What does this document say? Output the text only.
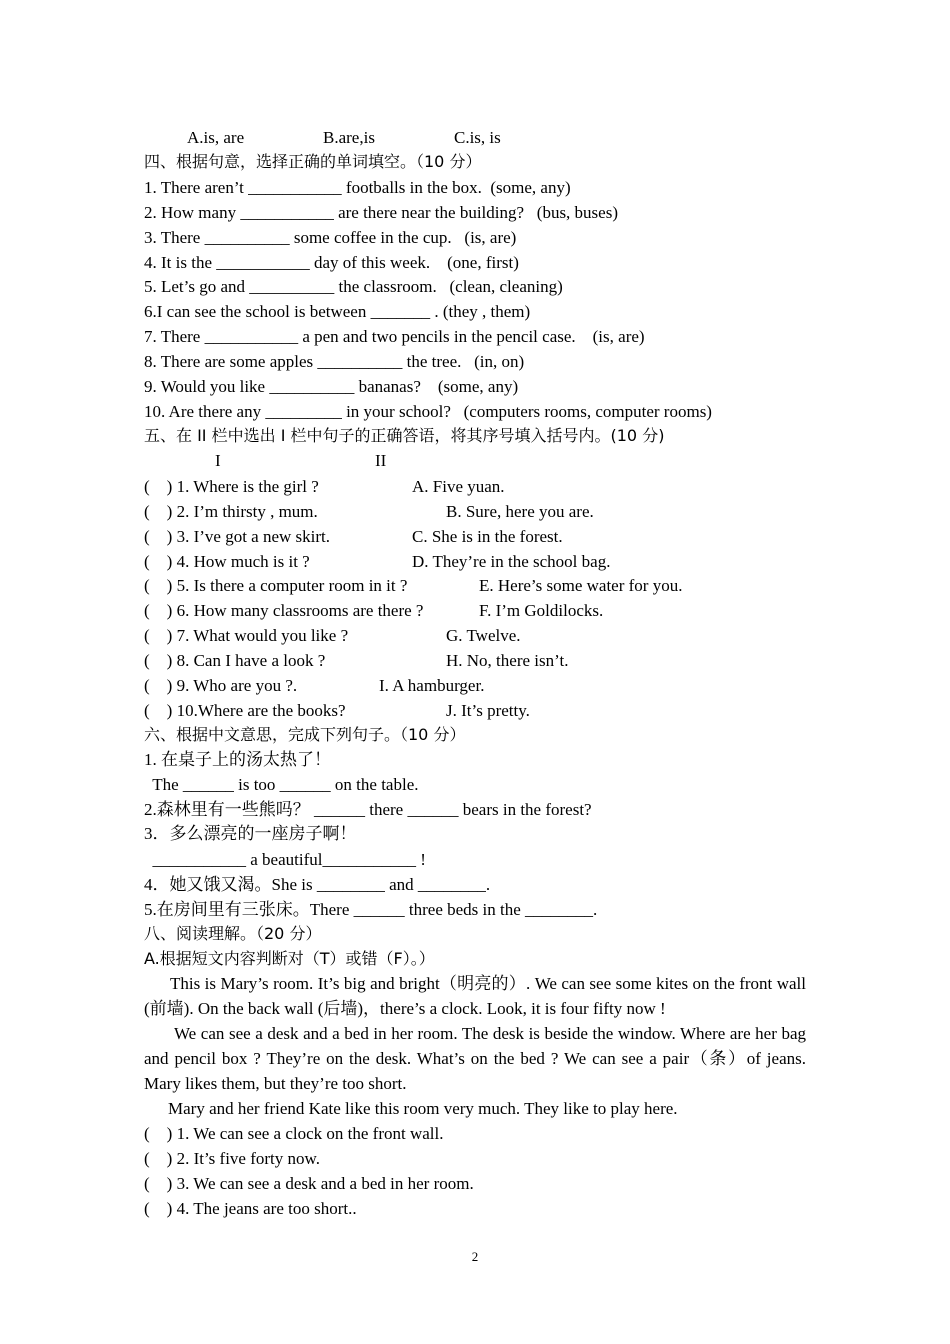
A.is, are	B.are,is	C.is, is
四、根据句意，选择正确的单词填空。（10 分）
1. There aren’t ___________ footballs in the box.  (some, any)
2. How many ___________ are there near the building?   (bus, buses)
3. There __________ some coffee in the cup.   (is, are)
4. It is the ___________ day of this week.    (one, first)
5. Let’s go and __________ the classroom.   (clean, cleaning)
6.I can see the school is between _______ . (they , them)
7. There ___________ a pen and two pencils in the pencil case.    (is, are)
8. There are some apples __________ the tree.   (in, on)
9. Would you like __________ bananas?    (some, any)
10. Are there any _________ in your school?   (computers rooms, computer rooms)
五、在 II 栏中选出 I 栏中句子的正确答语，将其序号填入括号内。(10 分)
I	II
(    ) 1. Where is the girl ?	A. Five yuan.
(    ) 2. I’m thirsty , mum.	B. Sure, here you are.
(    ) 3. I’ve got a new skirt.	C. She is in the forest.
(    ) 4. How much is it ?	D. They’re in the school bag.
(    ) 5. Is there a computer room in it ?	E. Here’s some water for you.
(    ) 6. How many classrooms are there ?	F. I’m Goldilocks.
(    ) 7. What would you like ?	G. Twelve.
(    ) 8. Can I have a look ?	H. No, there isn’t.
(    ) 9. Who are you ?.	I. A hamburger.
(    ) 10.Where are the books?	J. It’s pretty.
六、根据中文意思，完成下列句子。（10 分）
1. 在桌子上的汤太热了！
The ______ is too ______ on the table.
2.森林里有一些熊吗？ ______ there ______ bears in the forest?
3．多么漂亮的一座房子啊！
___________ a beautiful___________ !
4．她又饿又渴。She is ________ and ________.
5.在房间里有三张床。There ______ three beds in the ________.
八、阅读理解。（20 分）
A.根据短文内容判断对（T）或错（F）。）
This is Mary’s room. It’s big and bright（明亮的）. We can see some kites on the front wall (前墙). On the back wall (后墙)，there’s a clock. Look, it is four fifty now !
We can see a desk and a bed in her room. The desk is beside the window. Where are her bag and pencil box ? They’re on the desk. What’s on the bed ? We can see a pair（条）of jeans. Mary likes them, but they’re too short.
Mary and her friend Kate like this room very much. They like to play here.
(    ) 1. We can see a clock on the front wall.
(    ) 2. It’s five forty now.
(    ) 3. We can see a desk and a bed in her room.
(    ) 4. The jeans are too short..
2
